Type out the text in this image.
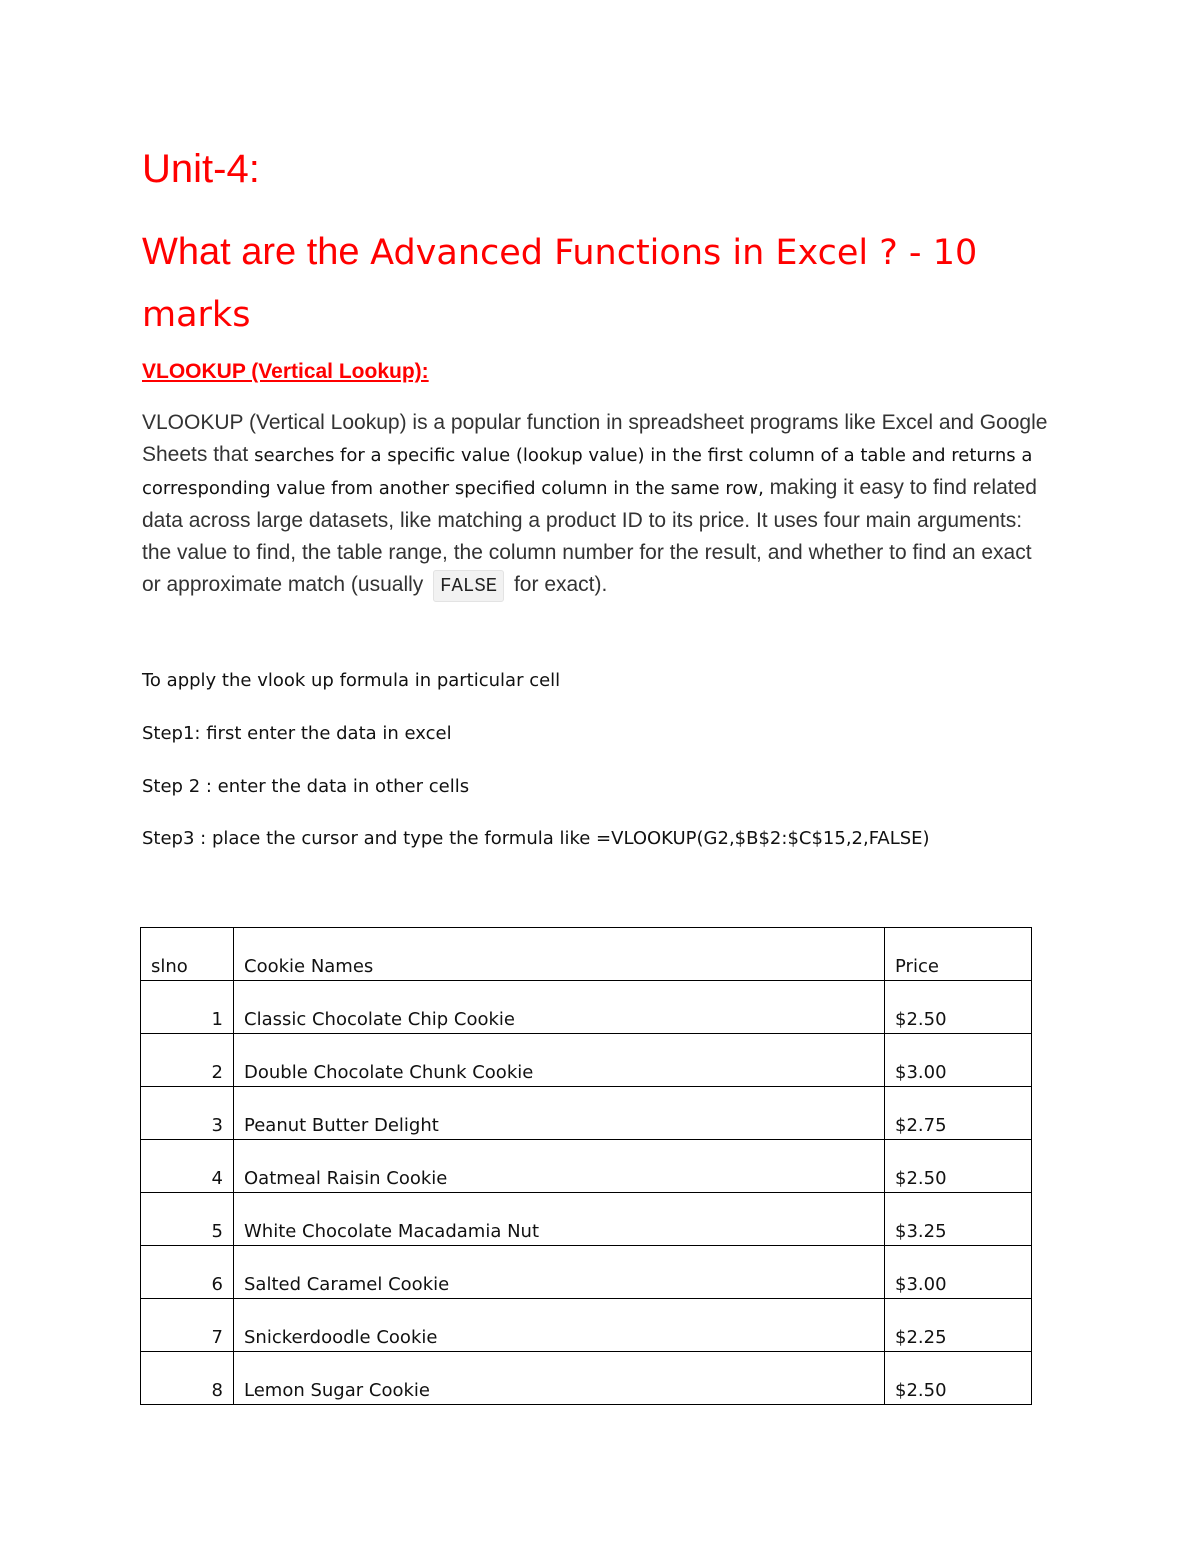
Unit-4:
What are the Advanced Functions in Excel ? - 10 marks
VLOOKUP (Vertical Lookup):
VLOOKUP (Vertical Lookup) is a popular function in spreadsheet programs like Excel and Google Sheets that searches for a specific value (lookup value) in the first column of a table and returns a corresponding value from another specified column in the same row, making it easy to find related data across large datasets, like matching a product ID to its price. It uses four main arguments: the value to find, the table range, the column number for the result, and whether to find an exact or approximate match (usually FALSE for exact).
To apply the vlook up formula in particular cell
Step1: first enter the data in excel
Step 2 : enter the data in other cells
Step3 : place the cursor and type the formula like =VLOOKUP(G2,$B$2:$C$15,2,FALSE)
slno	Cookie Names	Price
1	Classic Chocolate Chip Cookie	$2.50
2	Double Chocolate Chunk Cookie	$3.00
3	Peanut Butter Delight	$2.75
4	Oatmeal Raisin Cookie	$2.50
5	White Chocolate Macadamia Nut	$3.25
6	Salted Caramel Cookie	$3.00
7	Snickerdoodle Cookie	$2.25
8	Lemon Sugar Cookie	$2.50
